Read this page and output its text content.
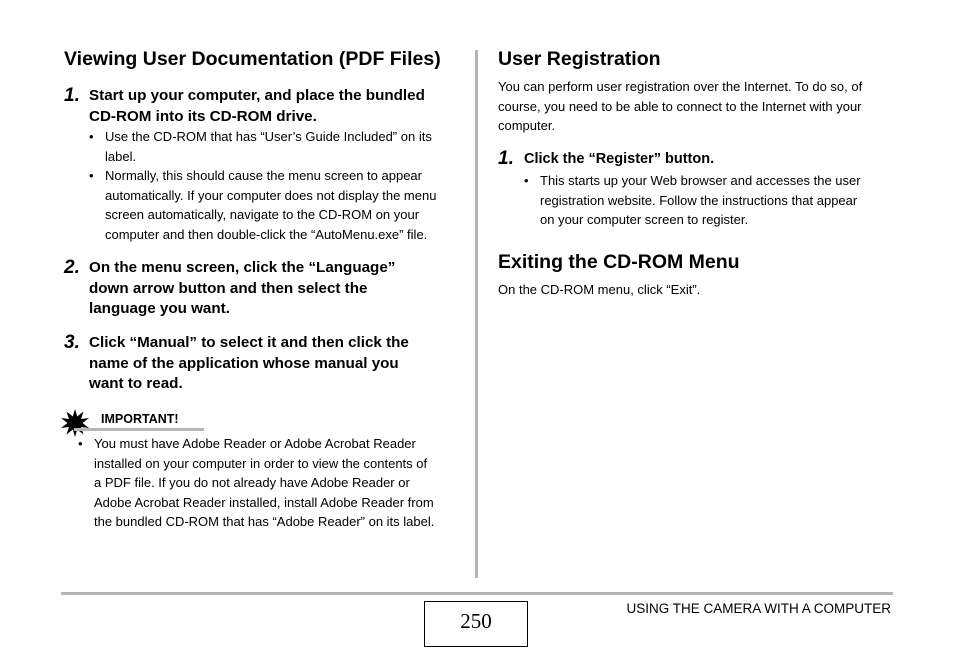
Viewing User Documentation (PDF Files)
1. Start up your computer, and place the bundled
CD-ROM into its CD-ROM drive.
• Use the CD-ROM that has “User’s Guide Included” on its
label.
• Normally, this should cause the menu screen to appear
automatically. If your computer does not display the menu
screen automatically, navigate to the CD-ROM on your
computer and then double-click the “AutoMenu.exe” file.
2. On the menu screen, click the “Language”
down arrow button and then select the
language you want.
3. Click “Manual” to select it and then click the
name of the application whose manual you
want to read.
IMPORTANT!
• You must have Adobe Reader or Adobe Acrobat Reader
installed on your computer in order to view the contents of
a PDF file. If you do not already have Adobe Reader or
Adobe Acrobat Reader installed, install Adobe Reader from
the bundled CD-ROM that has “Adobe Reader” on its label.
User Registration
You can perform user registration over the Internet. To do so, of
course, you need to be able to connect to the Internet with your
computer.
1. Click the “Register” button.
• This starts up your Web browser and accesses the user
registration website. Follow the instructions that appear
on your computer screen to register.
Exiting the CD-ROM Menu

On the CD-ROM menu, click “Exit”.

250
USING THE CAMERA WITH A COMPUTER
